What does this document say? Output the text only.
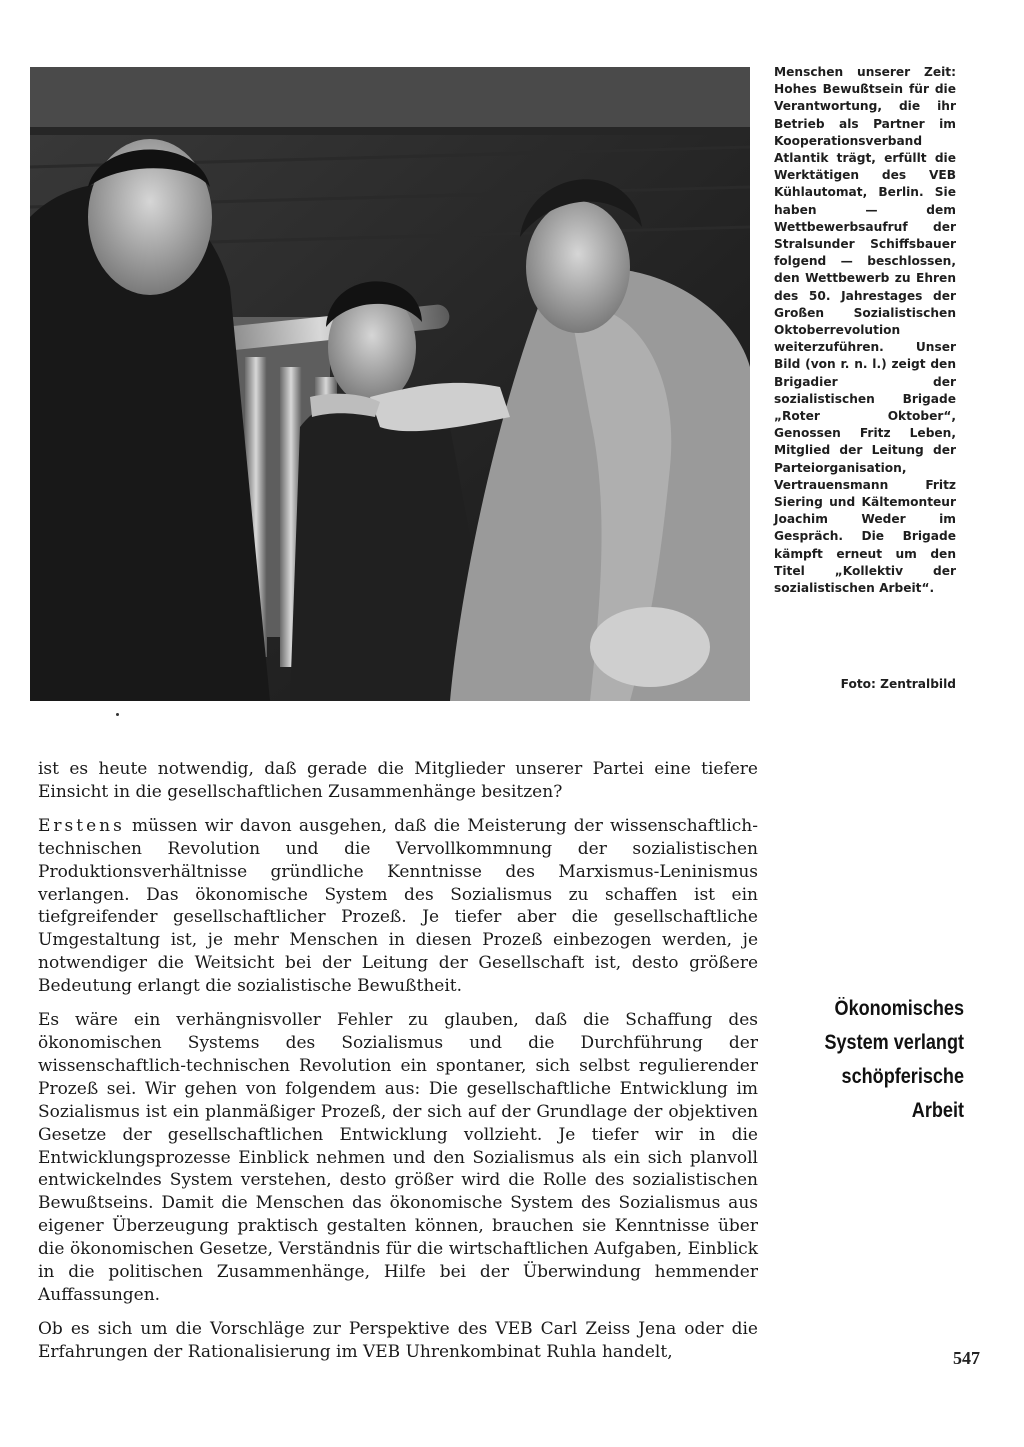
Menschen unserer Zeit: Hohes Bewußtsein für die Verantwortung, die ihr Betrieb als Partner im Kooperationsverband Atlantik trägt, erfüllt die Werktätigen des VEB Kühlautomat, Berlin. Sie haben — dem Wettbewerbsaufruf der Stralsunder Schiffsbauer folgend — beschlossen, den Wettbewerb zu Ehren des 50. Jahrestages der Großen Sozialistischen Oktoberrevolution weiterzuführen. Unser Bild (von r. n. l.) zeigt den Brigadier der sozialistischen Brigade „Roter Oktober“, Genossen Fritz Leben, Mitglied der Leitung der Parteiorganisation, Vertrauensmann Fritz Siering und Kältemonteur Joachim Weder im Gespräch. Die Brigade kämpft erneut um den Titel „Kollektiv der sozialistischen Arbeit“.

Foto: Zentralbild

ist es heute notwendig, daß gerade die Mitglieder unserer Partei eine tiefere Einsicht in die gesellschaftlichen Zusammenhänge besitzen?

Erstens müssen wir davon ausgehen, daß die Meisterung der wissenschaftlich-technischen Revolution und die Vervollkommnung der sozialistischen Produktionsverhältnisse gründliche Kenntnisse des Marxismus-Leninismus verlangen. Das ökonomische System des Sozialismus zu schaffen ist ein tiefgreifender gesellschaftlicher Prozeß. Je tiefer aber die gesellschaftliche Umgestaltung ist, je mehr Menschen in diesen Prozeß einbezogen werden, je notwendiger die Weitsicht bei der Leitung der Gesellschaft ist, desto größere Bedeutung erlangt die sozialistische Bewußtheit.

Es wäre ein verhängnisvoller Fehler zu glauben, daß die Schaffung des ökonomischen Systems des Sozialismus und die Durchführung der wissenschaftlich-technischen Revolution ein spontaner, sich selbst regulierender Prozeß sei. Wir gehen von folgendem aus: Die gesellschaftliche Entwicklung im Sozialismus ist ein planmäßiger Prozeß, der sich auf der Grundlage der objektiven Gesetze der gesellschaftlichen Entwicklung vollzieht. Je tiefer wir in die Entwicklungsprozesse Einblick nehmen und den Sozialismus als ein sich planvoll entwickelndes System verstehen, desto größer wird die Rolle des sozialistischen Bewußtseins. Damit die Menschen das ökonomische System des Sozialismus aus eigener Überzeugung praktisch gestalten können, brauchen sie Kenntnisse über die ökonomischen Gesetze, Verständnis für die wirtschaftlichen Aufgaben, Einblick in die politischen Zusammenhänge, Hilfe bei der Überwindung hemmender Auffassungen.

Ob es sich um die Vorschläge zur Perspektive des VEB Carl Zeiss Jena oder die Erfahrungen der Rationalisierung im VEB Uhrenkombinat Ruhla handelt,

Ökonomisches
System verlangt
schöpferische
Arbeit
547
